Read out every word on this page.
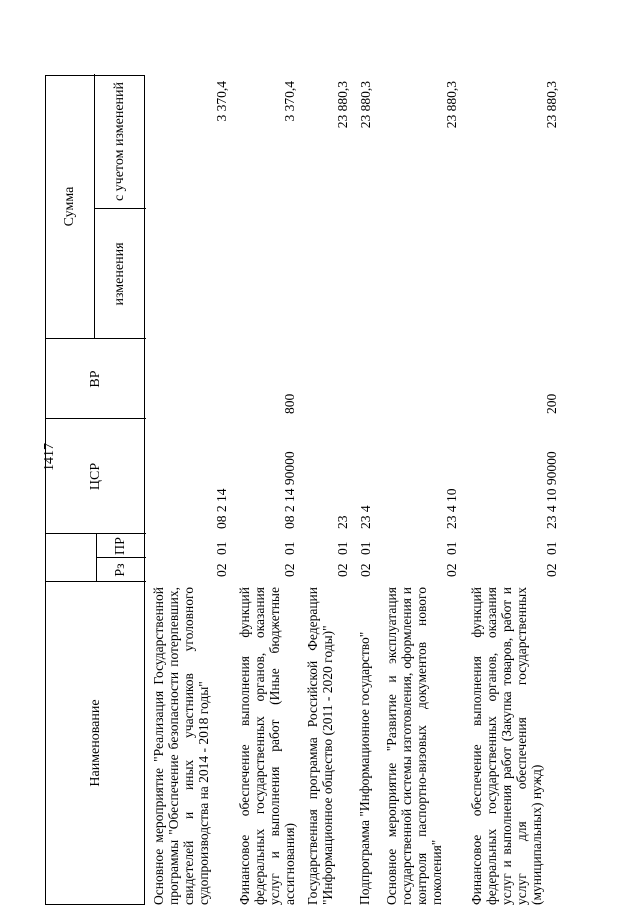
1417
Наименование
Рз
ПР
ЦСР
ВР
Сумма
изменения
с учетом изменений
Основное мероприятие "Реализация Государственной программы "Обеспечение безопасности потерпевших, свидетелей и иных участников уголовного судопроизводства на 2014 - 2018 годы"
02
01
08 2 14
3 370,4
Финансовое обеспечение выполнения функций федеральных государственных органов, оказания услуг и выполнения работ (Иные бюджетные ассигнования)
02
01
08 2 14 90000
800
3 370,4
Государственная программа Российской Федерации "Информационное общество (2011 - 2020 годы)"
02
01
23
23 880,3
Подпрограмма "Информационное государство"
02
01
23 4
23 880,3
Основное мероприятие "Развитие и эксплуатация государственной системы изготовления, оформления и контроля паспортно-визовых документов нового поколения"
02
01
23 4 10
23 880,3
Финансовое обеспечение выполнения функций федеральных государственных органов, оказания услуг и выполнения работ (Закупка товаров, работ и услуг для обеспечения государственных (муниципальных) нужд)
02
01
23 4 10 90000
200
23 880,3
